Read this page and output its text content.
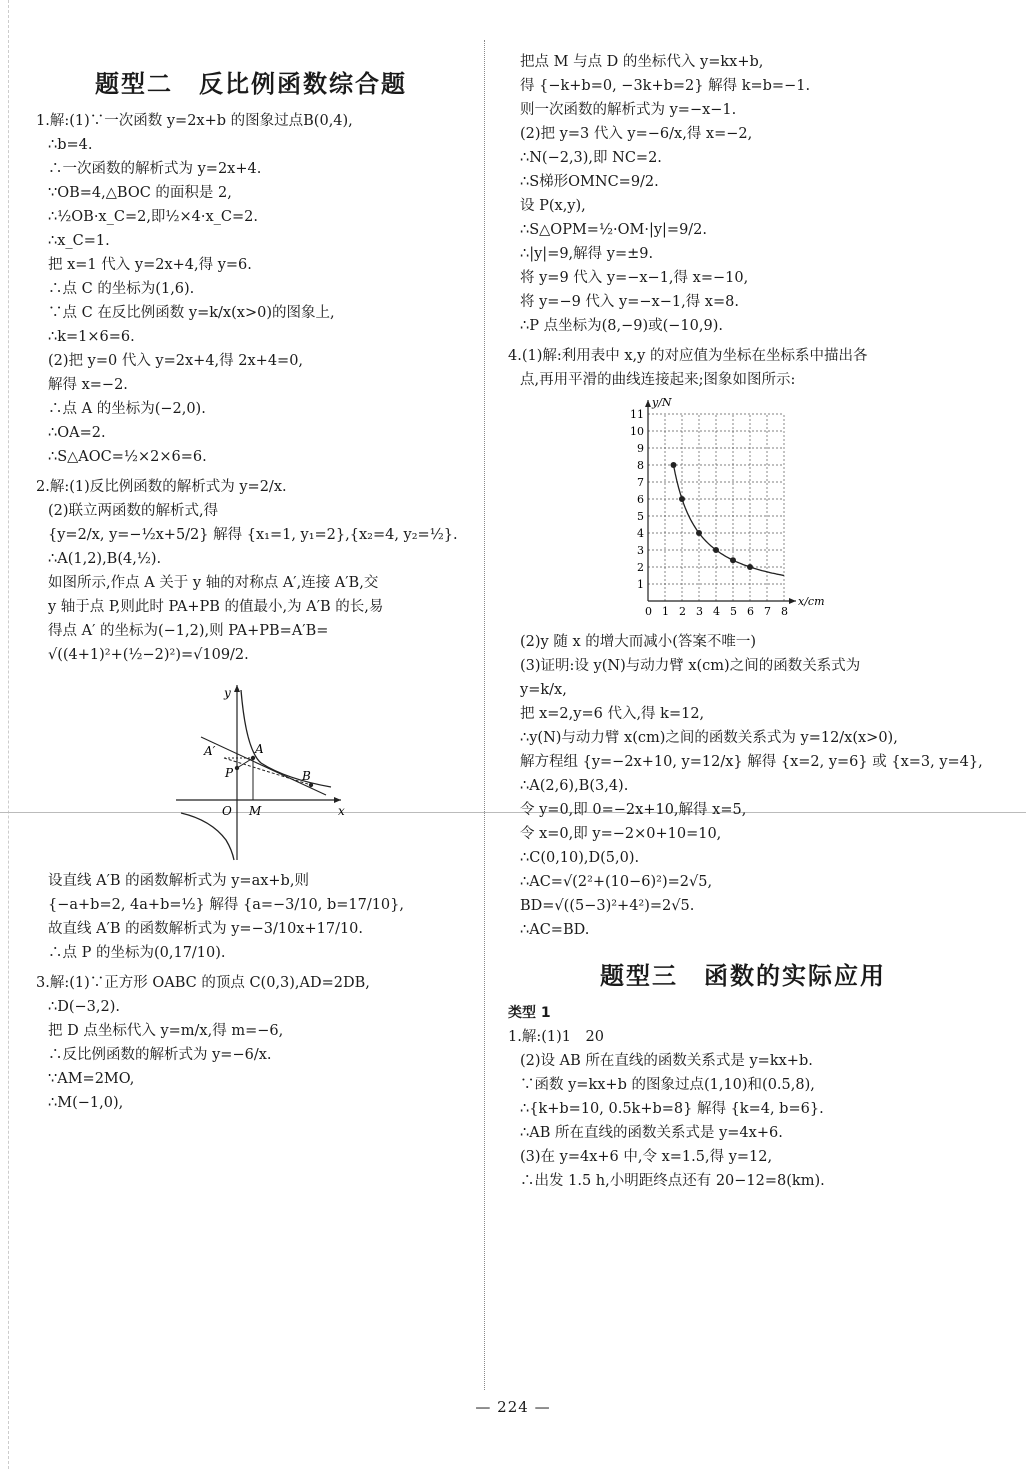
题型二　反比例函数综合题
1.解:(1)∵一次函数 y=2x+b 的图象过点B(0,4),
∴b=4.
∴一次函数的解析式为 y=2x+4.
∵OB=4,△BOC 的面积是 2,
∴½OB·x_C=2,即½×4·x_C=2.
∴x_C=1.
把 x=1 代入 y=2x+4,得 y=6.
∴点 C 的坐标为(1,6).
∵点 C 在反比例函数 y=k/x(x>0)的图象上,
∴k=1×6=6.
(2)把 y=0 代入 y=2x+4,得 2x+4=0,
解得 x=−2.
∴点 A 的坐标为(−2,0).
∴OA=2.
∴S△AOC=½×2×6=6.
2.解:(1)反比例函数的解析式为 y=2/x.
(2)联立两函数的解析式,得
{y=2/x, y=−½x+5/2} 解得 {x₁=1, y₁=2},{x₂=4, y₂=½}.
∴A(1,2),B(4,½).
如图所示,作点 A 关于 y 轴的对称点 A′,连接 A′B,交
y 轴于点 P,则此时 PA+PB 的值最小,为 A′B 的长,易
得点 A′ 的坐标为(−1,2),则 PA+PB=A′B=
√((4+1)²+(½−2)²)=√109/2.
y
x
O M
A
A′
P	B
设直线 A′B 的函数解析式为 y=ax+b,则
{−a+b=2, 4a+b=½} 解得 {a=−3/10, b=17/10},
故直线 A′B 的函数解析式为 y=−3/10x+17/10.
∴点 P 的坐标为(0,17/10).
3.解:(1)∵正方形 OABC 的顶点 C(0,3),AD=2DB,
∴D(−3,2).
把 D 点坐标代入 y=m/x,得 m=−6,
∴反比例函数的解析式为 y=−6/x.
∵AM=2MO,
∴M(−1,0),
把点 M 与点 D 的坐标代入 y=kx+b,
得 {−k+b=0, −3k+b=2} 解得 k=b=−1.
则一次函数的解析式为 y=−x−1.
(2)把 y=3 代入 y=−6/x,得 x=−2,
∴N(−2,3),即 NC=2.
∴S梯形OMNC=9/2.
设 P(x,y),
∴S△OPM=½·OM·|y|=9/2.
∴|y|=9,解得 y=±9.
将 y=9 代入 y=−x−1,得 x=−10,
将 y=−9 代入 y=−x−1,得 x=8.
∴P 点坐标为(8,−9)或(−10,9).
4.(1)解:利用表中 x,y 的对应值为坐标在坐标系中描出各
点,再用平滑的曲线连接起来;图象如图所示:
0 1 2 3 4 5 6 7 8
1
2
3
4
5
6
7
8
9
10
11
x/cm
y/N
(2)y 随 x 的增大而减小(答案不唯一)
(3)证明:设 y(N)与动力臂 x(cm)之间的函数关系式为
y=k/x,
把 x=2,y=6 代入,得 k=12,
∴y(N)与动力臂 x(cm)之间的函数关系式为 y=12/x(x>0),
解方程组 {y=−2x+10, y=12/x} 解得 {x=2, y=6} 或 {x=3, y=4},
∴A(2,6),B(3,4).
令 y=0,即 0=−2x+10,解得 x=5,
令 x=0,即 y=−2×0+10=10,
∴C(0,10),D(5,0).
∴AC=√(2²+(10−6)²)=2√5,
BD=√((5−3)²+4²)=2√5.
∴AC=BD.
题型三　函数的实际应用
类型 1
1.解:(1)1　20
(2)设 AB 所在直线的函数关系式是 y=kx+b.
∵函数 y=kx+b 的图象过点(1,10)和(0.5,8),
∴{k+b=10, 0.5k+b=8} 解得 {k=4, b=6}.
∴AB 所在直线的函数关系式是 y=4x+6.
(3)在 y=4x+6 中,令 x=1.5,得 y=12,
∴出发 1.5 h,小明距终点还有 20−12=8(km).
— 224 —
